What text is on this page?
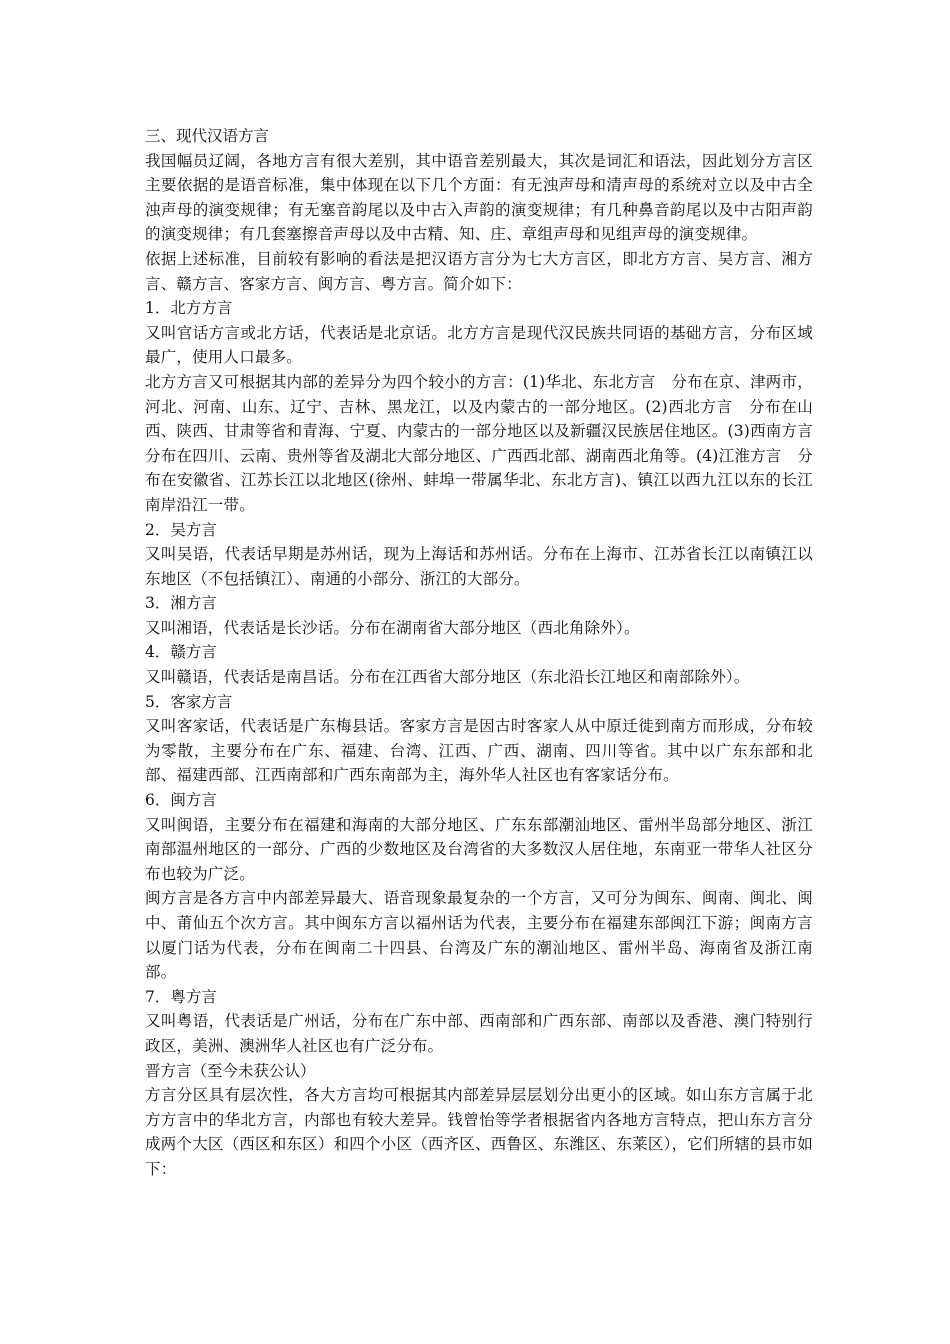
三、现代汉语方言

我国幅员辽阔，各地方言有很大差别，其中语音差别最大，其次是词汇和语法，因此划分方言区主要依据的是语音标准，集中体现在以下几个方面：有无浊声母和清声母的系统对立以及中古全浊声母的演变规律；有无塞音韵尾以及中古入声韵的演变规律；有几种鼻音韵尾以及中古阳声韵的演变规律；有几套塞擦音声母以及中古精、知、庄、章组声母和见组声母的演变规律。

依据上述标准，目前较有影响的看法是把汉语方言分为七大方言区，即北方方言、吴方言、湘方言、赣方言、客家方言、闽方言、粤方言。简介如下：

1．北方方言

又叫官话方言或北方话，代表话是北京话。北方方言是现代汉民族共同语的基础方言，分布区域最广，使用人口最多。

北方方言又可根据其内部的差异分为四个较小的方言：(1)华北、东北方言　分布在京、津两市，河北、河南、山东、辽宁、吉林、黑龙江，以及内蒙古的一部分地区。(2)西北方言　分布在山西、陕西、甘肃等省和青海、宁夏、内蒙古的一部分地区以及新疆汉民族居住地区。(3)西南方言　分布在四川、云南、贵州等省及湖北大部分地区、广西西北部、湖南西北角等。(4)江淮方言　分布在安徽省、江苏长江以北地区(徐州、蚌埠一带属华北、东北方言)、镇江以西九江以东的长江南岸沿江一带。

2．吴方言

又叫吴语，代表话早期是苏州话，现为上海话和苏州话。分布在上海市、江苏省长江以南镇江以东地区（不包括镇江）、南通的小部分、浙江的大部分。

3．湘方言

又叫湘语，代表话是长沙话。分布在湖南省大部分地区（西北角除外）。

4．赣方言

又叫赣语，代表话是南昌话。分布在江西省大部分地区（东北沿长江地区和南部除外）。

5．客家方言

又叫客家话，代表话是广东梅县话。客家方言是因古时客家人从中原迁徙到南方而形成，分布较为零散，主要分布在广东、福建、台湾、江西、广西、湖南、四川等省。其中以广东东部和北部、福建西部、江西南部和广西东南部为主，海外华人社区也有客家话分布。

6．闽方言

又叫闽语，主要分布在福建和海南的大部分地区、广东东部潮汕地区、雷州半岛部分地区、浙江南部温州地区的一部分、广西的少数地区及台湾省的大多数汉人居住地，东南亚一带华人社区分布也较为广泛。

闽方言是各方言中内部差异最大、语音现象最复杂的一个方言，又可分为闽东、闽南、闽北、闽中、莆仙五个次方言。其中闽东方言以福州话为代表，主要分布在福建东部闽江下游；闽南方言以厦门话为代表，分布在闽南二十四县、台湾及广东的潮汕地区、雷州半岛、海南省及浙江南部。

7．粤方言

又叫粤语，代表话是广州话，分布在广东中部、西南部和广西东部、南部以及香港、澳门特别行政区，美洲、澳洲华人社区也有广泛分布。

晋方言（至今未获公认）

方言分区具有层次性，各大方言均可根据其内部差异层层划分出更小的区域。如山东方言属于北方方言中的华北方言，内部也有较大差异。钱曾怡等学者根据省内各地方言特点，把山东方言分成两个大区（西区和东区）和四个小区（西齐区、西鲁区、东潍区、东莱区），它们所辖的县市如下：
